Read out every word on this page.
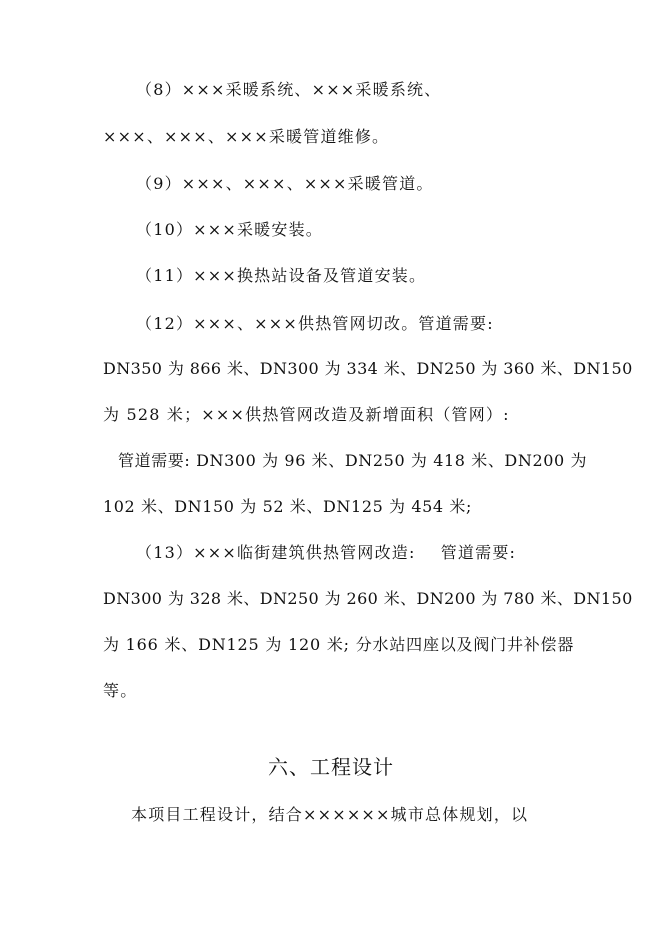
（8）×××采暖系统、×××采暖系统、
×××、×××、×××采暖管道维修。
（9）×××、×××、×××采暖管道。
（10）×××采暖安装。
（11）×××换热站设备及管道安装。
（12）×××、×××供热管网切改。管道需要:
DN350 为 866 米、DN300 为 334 米、DN250 为 360 米、DN150
为 528 米；×××供热管网改造及新增面积（管网）:
管道需要: DN300 为 96 米、DN250 为 418 米、DN200 为
102 米、DN150 为 52 米、DN125 为 454 米;
（13）×××临街建筑供热管网改造:    管道需要:
DN300 为 328 米、DN250 为 260 米、DN200 为 780 米、DN150
为 166 米、DN125 为 120 米; 分水站四座以及阀门井补偿器
等。
六、工程设计
本项目工程设计，结合××××××城市总体规划，以
